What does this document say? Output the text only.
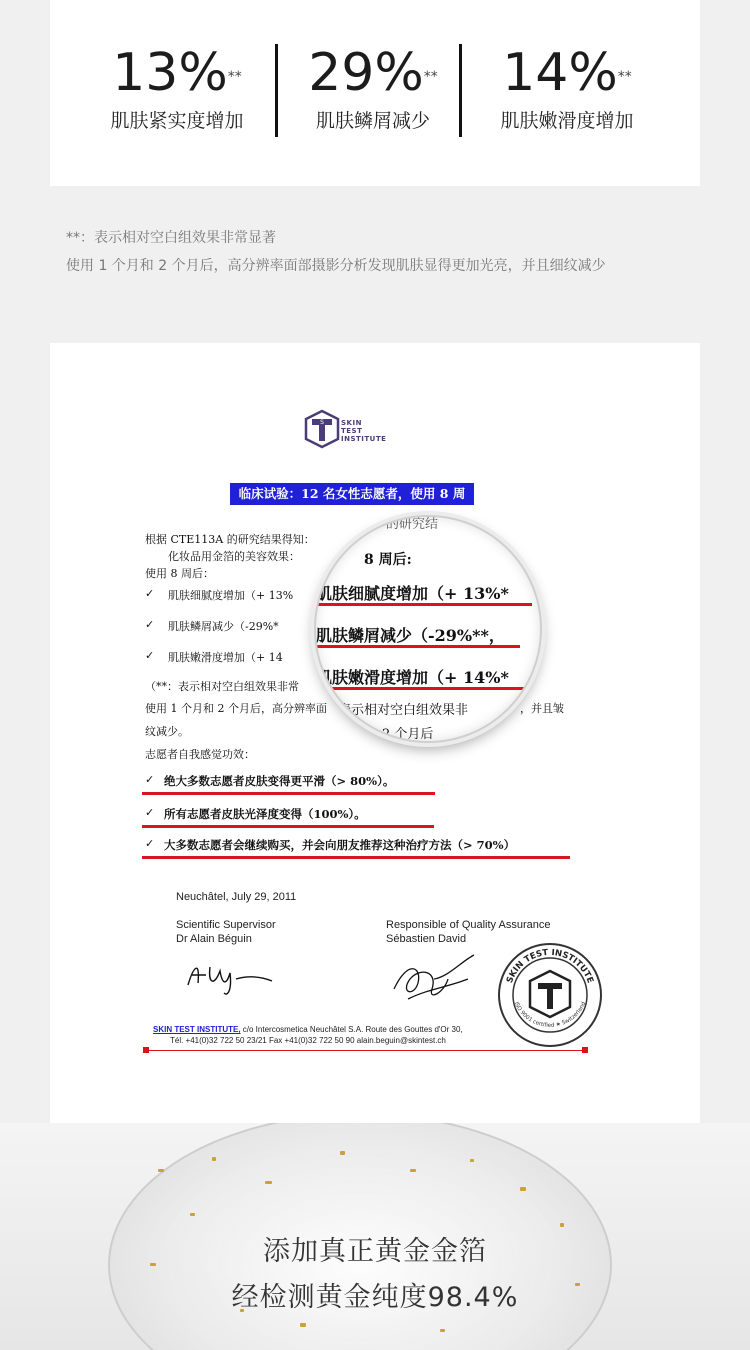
13%**
肌肤紧实度增加
29%**
肌肤鳞屑减少
14%**
肌肤嫩滑度增加
**：表示相对空白组效果非常显著
使用 1 个月和 2 个月后，高分辨率面部摄影分析发现肌肤显得更加光亮，并且细纹减少
S SKIN
TEST
INSTITUTE
临床试验：12 名女性志愿者，使用 8 周
根据 CTE113A 的研究结果得知：
化妆品用金箔的美容效果：
使用 8 周后：
✓ 肌肤细腻度增加（+ 13%
✓ 肌肤鳞屑减少（-29%*
✓ 肌肤嫩滑度增加（+ 14
（**：表示相对空白组效果非常
使用 1 个月和 2 个月后，高分辨率面	，并且皱
纹减少。
志愿者自我感觉功效：
✓ 绝大多数志愿者皮肤变得更平滑（> 80%）。
✓ 所有志愿者皮肤光泽度变得（100%）。
✓ 大多数志愿者会继续购买，并会向朋友推荐这种治疗方法（> 70%）
Neuchâtel, July 29, 2011
Scientific Supervisor
Dr Alain Béguin
Responsible of Quality Assurance
Sébastien David
SKIN TEST INSTITUTE
ISO 9001 certified ★ Switzerland
SKIN TEST INSTITUTE, c/o Intercosmetica Neuchâtel S.A. Route des Gouttes d'Or 30,
Tél. +41(0)32 722 50 23/21 Fax +41(0)32 722 50 90 alain.beguin@skintest.ch
的研究结
8 周后:
肌肤细腻度增加（+ 13%*
肌肤鳞屑减少（-29%**，
肌肤嫩滑度增加（+ 14%*
表示相对空白组效果非
2 个月后
添加真正黄金金箔
经检测黄金纯度98.4%
